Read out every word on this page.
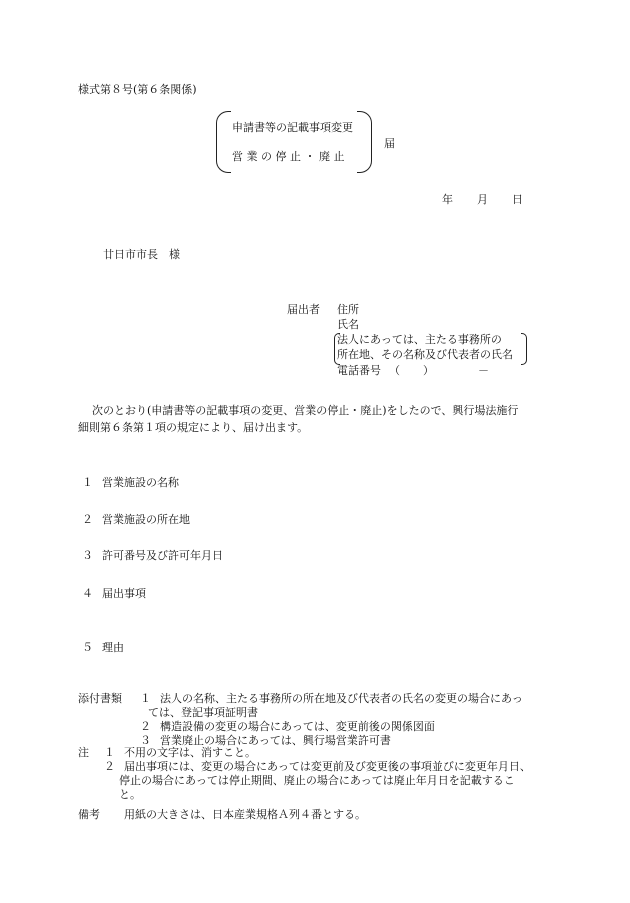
様式第８号(第６条関係)
申請書等の記載事項変更
営 業 の 停 止 ・ 廃 止
届
年 月 日
廿日市市長　様
届出者 住所
氏名
法人にあっては、主たる事務所の
所在地、その名称及び代表者の氏名
電話番号 （ ）	－
次のとおり(申請書等の記載事項の変更、営業の停止・廃止)をしたので、興行場法施行
細則第６条第１項の規定により、届け出ます。
１ 営業施設の名称
２ 営業施設の所在地
３ 許可番号及び許可年月日
４ 届出事項
５ 理由
添付書類 １ 法人の名称、主たる事務所の所在地及び代表者の氏名の変更の場合にあっ
ては、登記事項証明書
２ 構造設備の変更の場合にあっては、変更前後の関係図面
３ 営業廃止の場合にあっては、興行場営業許可書
注 １ 不用の文字は、消すこと。
２ 届出事項には、変更の場合にあっては変更前及び変更後の事項並びに変更年月日、
停止の場合にあっては停止期間、廃止の場合にあっては廃止年月日を記載するこ
と。
備考 用紙の大きさは、日本産業規格Ａ列４番とする。
